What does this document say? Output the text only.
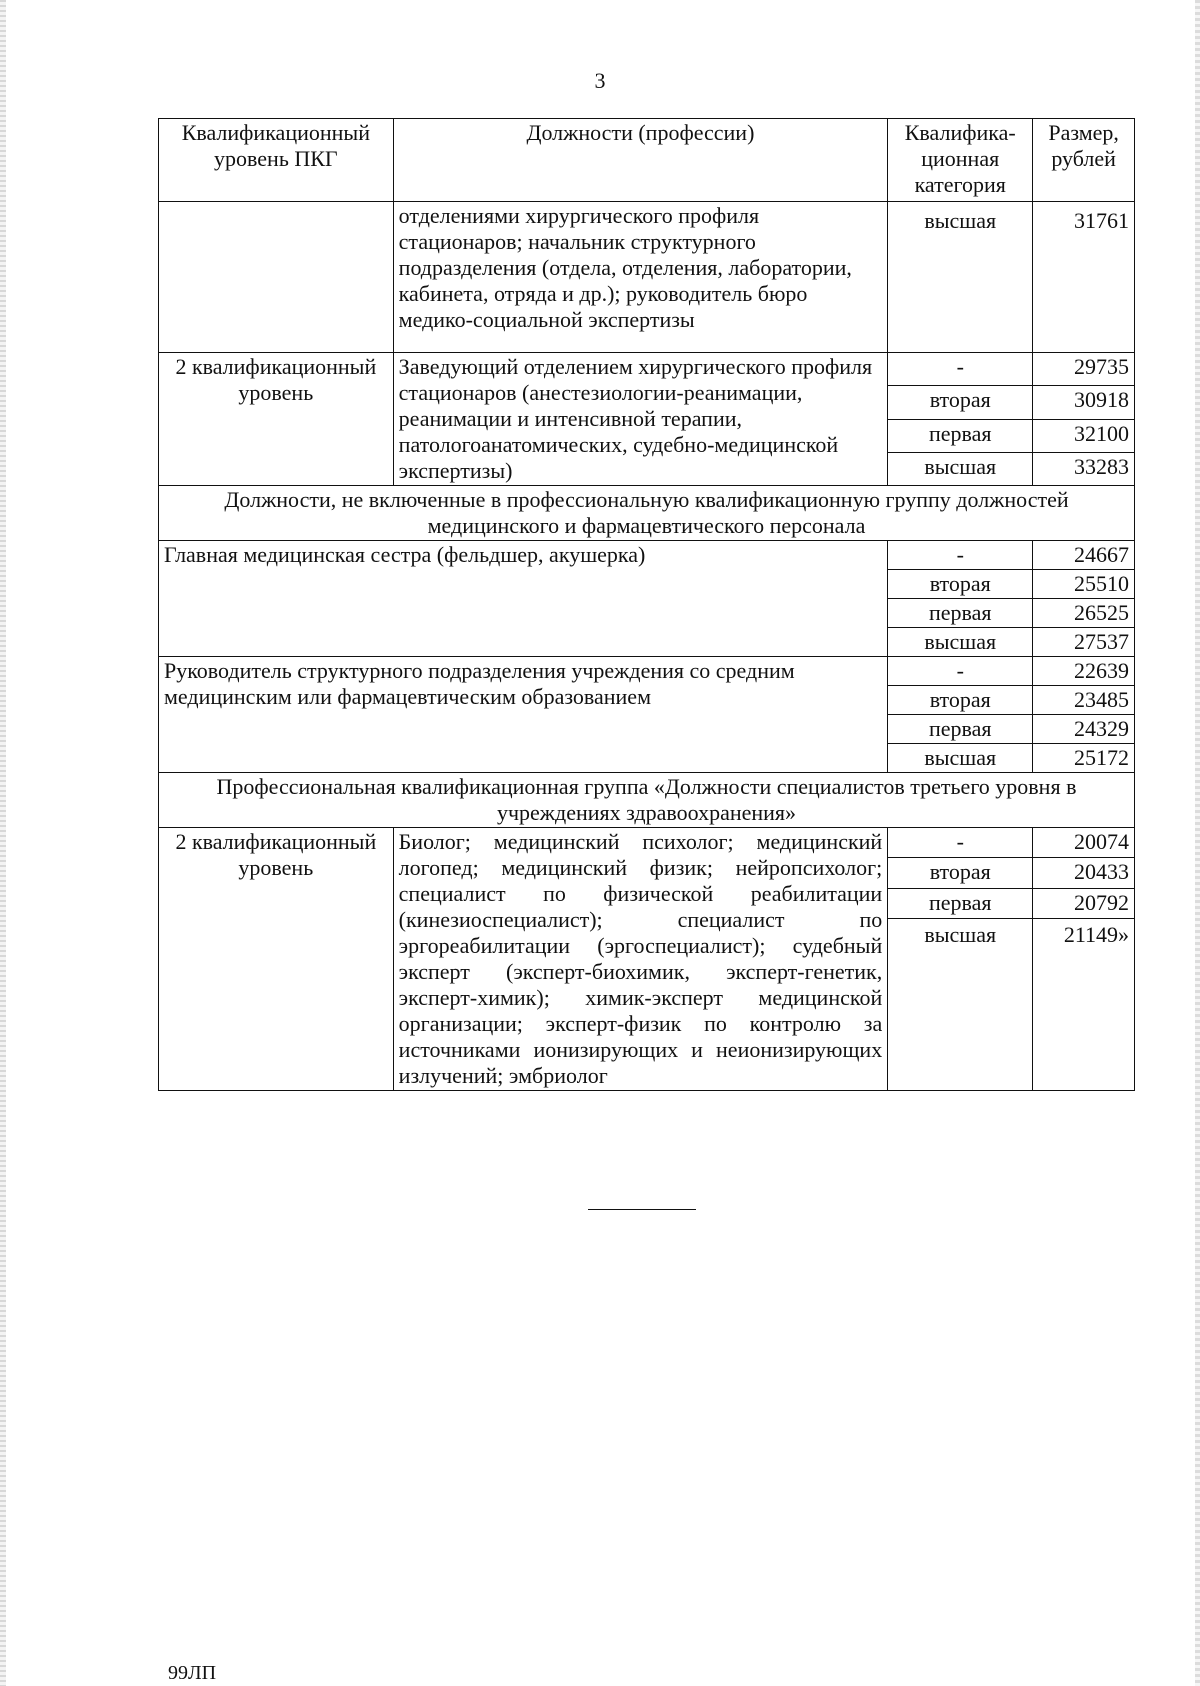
3
Квалификационный уровень ПКГ	Должности (профессии)	Квалифика-ционная категория	Размер, рублей
	отделениями хирургического профиля стационаров; начальник структурного подразделения (отдела, отделения, лаборатории, кабинета, отряда и др.); руководитель бюро медико-социальной экспертизы	высшая	31761
2 квалификационный уровень	Заведующий отделением хирургического профиля стационаров (анестезиологии-реанимации, реанимации и интенсивной терапии, патологоанатомических, судебно-медицинской экспертизы)	-	29735
		вторая	30918
		первая	32100
		высшая	33283
Должности, не включенные в профессиональную квалификационную группу должностей медицинского и фармацевтического персонала			
Главная медицинская сестра (фельдшер, акушерка)		-	24667
		вторая	25510
		первая	26525
		высшая	27537
Руководитель структурного подразделения учреждения со средним медицинским или фармацевтическим образованием		-	22639
		вторая	23485
		первая	24329
		высшая	25172
Профессиональная квалификационная группа «Должности специалистов третьего уровня в учреждениях здравоохранения»			
2 квалификационный уровень	Биолог; медицинский психолог; медицинский логопед; медицинский физик; нейропсихолог; специалист по физической реабилитации (кинезиоспециалист); специалист по эргореабилитации (эргоспециалист); судебный эксперт (эксперт-биохимик, эксперт-генетик, эксперт-химик); химик-эксперт медицинской организации; эксперт-физик по контролю за источниками ионизирующих и неионизирующих излучений; эмбриолог	-	20074
		вторая	20433
		первая	20792
		высшая	21149»
99ЛП
